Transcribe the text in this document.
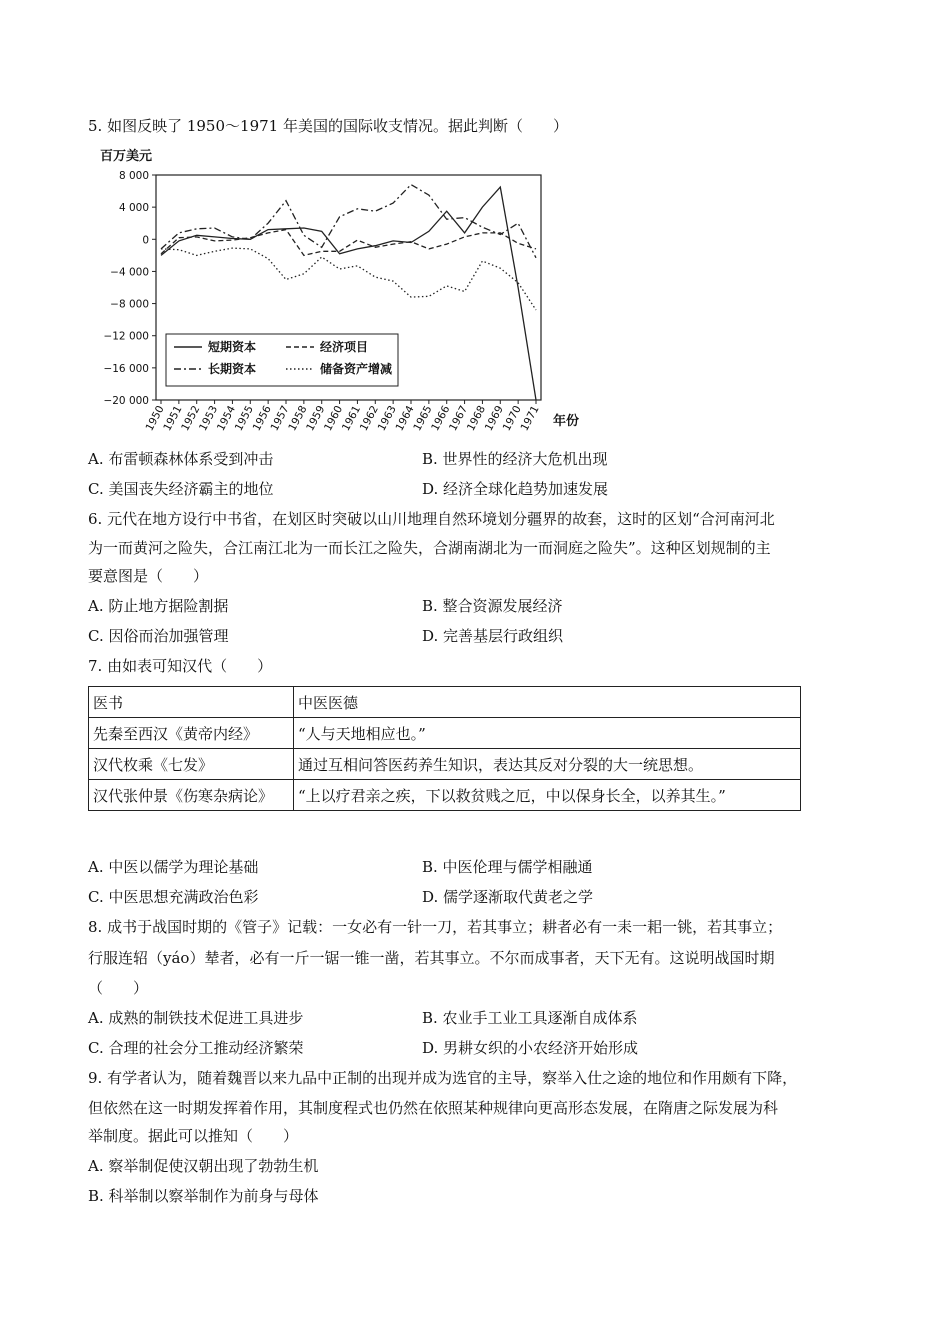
5. 如图反映了 1950～1971 年美国的国际收支情况。据此判断（　　）
百万美元
8 000
4 000
0
−4 000
−8 000
−12 000
−16 000
−20 000
1950
1951
1952
1953
1954
1955
1956
1957
1958
1959
1960
1961
1962
1963
1964
1965
1966
1967
1968
1969
1970
1971 年份
短期资本
长期资本
经济项目
储备资产增减
A. 布雷顿森林体系受到冲击	B. 世界性的经济大危机出现
C. 美国丧失经济霸主的地位	D. 经济全球化趋势加速发展
6. 元代在地方设行中书省，在划区时突破以山川地理自然环境划分疆界的故套，这时的区划“合河南河北
为一而黄河之险失，合江南江北为一而长江之险失，合湖南湖北为一而洞庭之险失”。这种区划规制的主
要意图是（　　）
A. 防止地方据险割据	B. 整合资源发展经济
C. 因俗而治加强管理	D. 完善基层行政组织
7. 由如表可知汉代（　　）
医书	中医医德
先秦至西汉《黄帝内经》	“人与天地相应也。”
汉代枚乘《七发》	通过互相问答医药养生知识，表达其反对分裂的大一统思想。
汉代张仲景《伤寒杂病论》	“上以疗君亲之疾，下以救贫贱之厄，中以保身长全，以养其生。”
A. 中医以儒学为理论基础	B. 中医伦理与儒学相融通
C. 中医思想充满政治色彩	D. 儒学逐渐取代黄老之学
8. 成书于战国时期的《管子》记载：一女必有一针一刀，若其事立；耕者必有一耒一耜一铫，若其事立；
行服连轺（yáo）辇者，必有一斤一锯一锥一凿，若其事立。不尔而成事者，天下无有。这说明战国时期
（　　）
A. 成熟的制铁技术促进工具进步	B. 农业手工业工具逐渐自成体系
C. 合理的社会分工推动经济繁荣	D. 男耕女织的小农经济开始形成
9. 有学者认为，随着魏晋以来九品中正制的出现并成为选官的主导，察举入仕之途的地位和作用颇有下降，
但依然在这一时期发挥着作用，其制度程式也仍然在依照某种规律向更高形态发展，在隋唐之际发展为科
举制度。据此可以推知（　　）
A. 察举制促使汉朝出现了勃勃生机
B. 科举制以察举制作为前身与母体
